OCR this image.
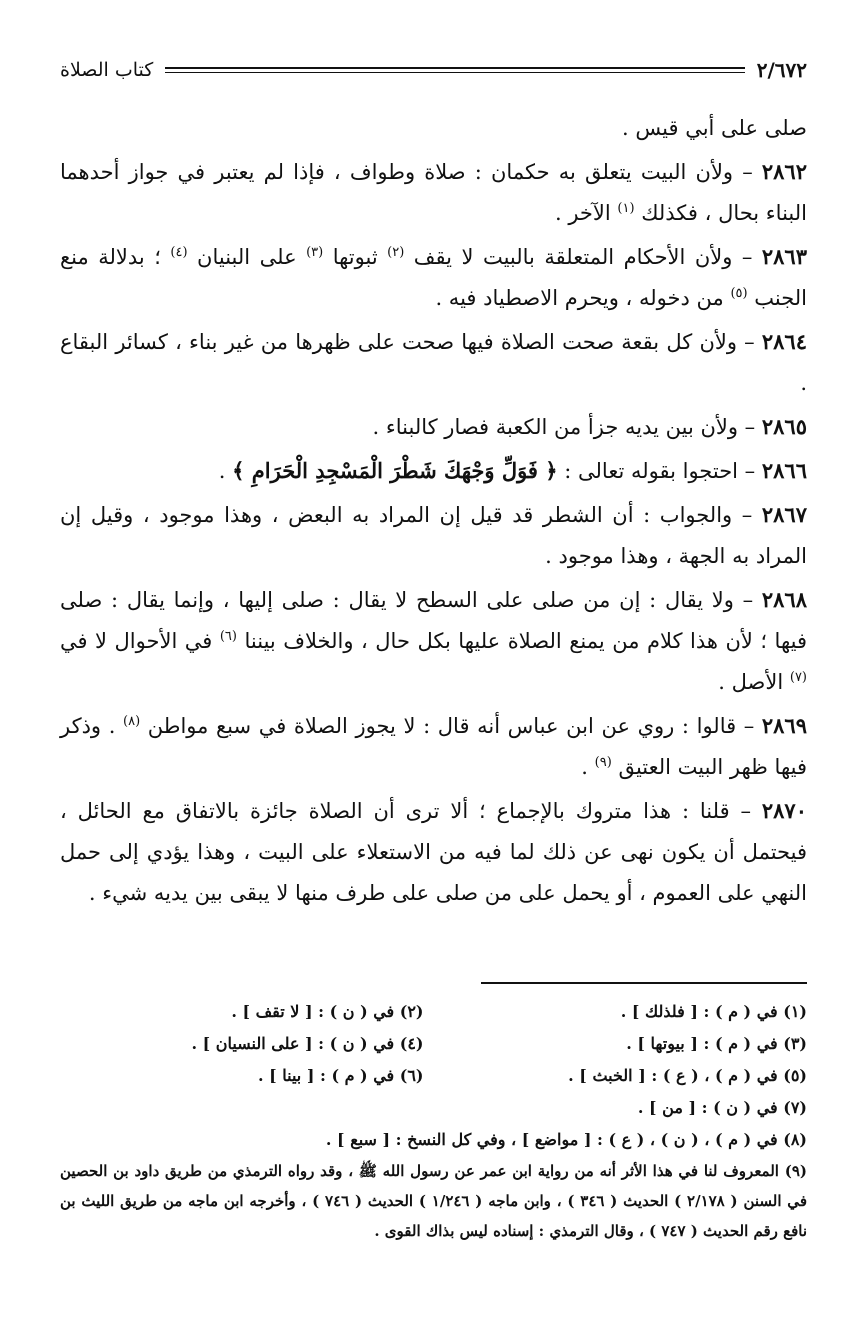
٢/٦٧٢
كتاب الصلاة
صلى على أبي قيس .
٢٨٦٢ – ولأن البيت يتعلق به حكمان : صلاة وطواف ، فإذا لم يعتبر في جواز أحدهما البناء بحال ، فكذلك $^{(١)}$ الآخر .
٢٨٦٣ – ولأن الأحكام المتعلقة بالبيت لا يقف $^{(٢)}$ ثبوتها $^{(٣)}$ على البنيان $^{(٤)}$ ؛ بدلالة منع الجنب $^{(٥)}$ من دخوله ، ويحرم الاصطياد فيه .
٢٨٦٤ – ولأن كل بقعة صحت الصلاة فيها صحت على ظهرها من غير بناء ، كسائر البقاع .
٢٨٦٥ – ولأن بين يديه جزأ من الكعبة فصار كالبناء .
٢٨٦٦ – احتجوا بقوله تعالى : ﴿ فَوَلِّ وَجْهَكَ شَطْرَ الْمَسْجِدِ الْحَرَامِ ﴾ .
٢٨٦٧ – والجواب : أن الشطر قد قيل إن المراد به البعض ، وهذا موجود ، وقيل إن المراد به الجهة ، وهذا موجود .
٢٨٦٨ – ولا يقال : إن من صلى على السطح لا يقال : صلى إليها ، وإنما يقال : صلى فيها ؛ لأن هذا كلام من يمنع الصلاة عليها بكل حال ، والخلاف بيننا $^{(٦)}$ في الأحوال لا في $^{(٧)}$ الأصل .
٢٨٦٩ – قالوا : روي عن ابن عباس أنه قال : لا يجوز الصلاة في سبع مواطن $^{(٨)}$ . وذكر فيها ظهر البيت العتيق $^{(٩)}$ .
٢٨٧٠ – قلنا : هذا متروك بالإجماع ؛ ألا ترى أن الصلاة جائزة بالاتفاق مع الحائل ، فيحتمل أن يكون نهى عن ذلك لما فيه من الاستعلاء على البيت ، وهذا يؤدي إلى حمل النهي على العموم ، أو يحمل على من صلى على طرف منها لا يبقى بين يديه شيء .
(١) في ( م ) : [ فلذلك ] .
(٢) في ( ن ) : [ لا تقف ] .
(٣) في ( م ) : [ بيوتها ] .
(٤) في ( ن ) : [ على النسيان ] .
(٥) في ( م ) ، ( ع ) : [ الخبث ] .
(٦) في ( م ) : [ بينا ] .
(٧) في ( ن ) : [ من ] .
(٨) في ( م ) ، ( ن ) ، ( ع ) : [ مواضع ] ، وفي كل النسخ : [ سبع ] .
(٩) المعروف لنا في هذا الأثر أنه من رواية ابن عمر عن رسول الله ﷺ ، وقد رواه الترمذي من طريق داود بن الحصين في السنن ( ٢/١٧٨ ) الحديث ( ٣٤٦ ) ، وابن ماجه ( ١/٢٤٦ ) الحديث ( ٧٤٦ ) ، وأخرجه ابن ماجه من طريق الليث بن نافع رقم الحديث ( ٧٤٧ ) ، وقال الترمذي : إسناده ليس بذاك القوى .
